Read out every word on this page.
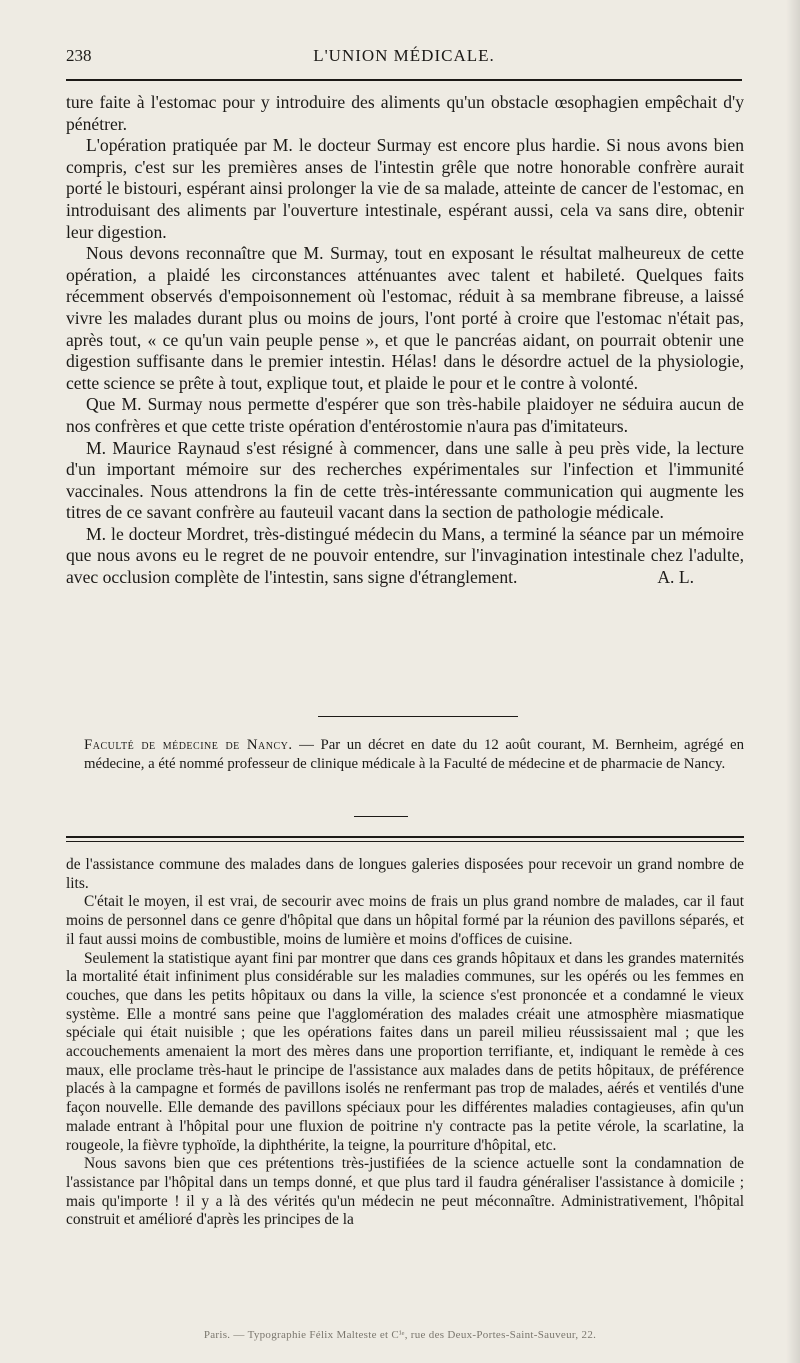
238	L'UNION MÉDICALE.

ture faite à l'estomac pour y introduire des aliments qu'un obstacle œsophagien empêchait d'y pénétrer.

L'opération pratiquée par M. le docteur Surmay est encore plus hardie. Si nous avons bien compris, c'est sur les premières anses de l'intestin grêle que notre honorable confrère aurait porté le bistouri, espérant ainsi prolonger la vie de sa malade, atteinte de cancer de l'estomac, en introduisant des aliments par l'ouverture intestinale, espérant aussi, cela va sans dire, obtenir leur digestion.

Nous devons reconnaître que M. Surmay, tout en exposant le résultat malheureux de cette opération, a plaidé les circonstances atténuantes avec talent et habileté. Quelques faits récemment observés d'empoisonnement où l'estomac, réduit à sa membrane fibreuse, a laissé vivre les malades durant plus ou moins de jours, l'ont porté à croire que l'estomac n'était pas, après tout, « ce qu'un vain peuple pense », et que le pancréas aidant, on pourrait obtenir une digestion suffisante dans le premier intestin. Hélas! dans le désordre actuel de la physiologie, cette science se prête à tout, explique tout, et plaide le pour et le contre à volonté.

Que M. Surmay nous permette d'espérer que son très-habile plaidoyer ne séduira aucun de nos confrères et que cette triste opération d'entérostomie n'aura pas d'imitateurs.

M. Maurice Raynaud s'est résigné à commencer, dans une salle à peu près vide, la lecture d'un important mémoire sur des recherches expérimentales sur l'infection et l'immunité vaccinales. Nous attendrons la fin de cette très-intéressante communication qui augmente les titres de ce savant confrère au fauteuil vacant dans la section de pathologie médicale.

M. le docteur Mordret, très-distingué médecin du Mans, a terminé la séance par un mémoire que nous avons eu le regret de ne pouvoir entendre, sur l'invagination intestinale chez l'adulte, avec occlusion complète de l'intestin, sans signe d'étranglement.	A. L.

Faculté de médecine de Nancy. — Par un décret en date du 12 août courant, M. Bernheim, agrégé en médecine, a été nommé professeur de clinique médicale à la Faculté de médecine et de pharmacie de Nancy.

de l'assistance commune des malades dans de longues galeries disposées pour recevoir un grand nombre de lits.

C'était le moyen, il est vrai, de secourir avec moins de frais un plus grand nombre de malades, car il faut moins de personnel dans ce genre d'hôpital que dans un hôpital formé par la réunion des pavillons séparés, et il faut aussi moins de combustible, moins de lumière et moins d'offices de cuisine.

Seulement la statistique ayant fini par montrer que dans ces grands hôpitaux et dans les grandes maternités la mortalité était infiniment plus considérable sur les maladies communes, sur les opérés ou les femmes en couches, que dans les petits hôpitaux ou dans la ville, la science s'est prononcée et a condamné le vieux système. Elle a montré sans peine que l'agglomération des malades créait une atmosphère miasmatique spéciale qui était nuisible ; que les opérations faites dans un pareil milieu réussissaient mal ; que les accouchements amenaient la mort des mères dans une proportion terrifiante, et, indiquant le remède à ces maux, elle proclame très-haut le principe de l'assistance aux malades dans de petits hôpitaux, de préférence placés à la campagne et formés de pavillons isolés ne renfermant pas trop de malades, aérés et ventilés d'une façon nouvelle. Elle demande des pavillons spéciaux pour les différentes maladies contagieuses, afin qu'un malade entrant à l'hôpital pour une fluxion de poitrine n'y contracte pas la petite vérole, la scarlatine, la rougeole, la fièvre typhoïde, la diphthérite, la teigne, la pourriture d'hôpital, etc.

Nous savons bien que ces prétentions très-justifiées de la science actuelle sont la condamnation de l'assistance par l'hôpital dans un temps donné, et que plus tard il faudra généraliser l'assistance à domicile ; mais qu'importe ! il y a là des vérités qu'un médecin ne peut méconnaître. Administrativement, l'hôpital construit et amélioré d'après les principes de la

Paris. — Typographie Félix Malteste et Cⁱᵉ, rue des Deux-Portes-Saint-Sauveur, 22.
